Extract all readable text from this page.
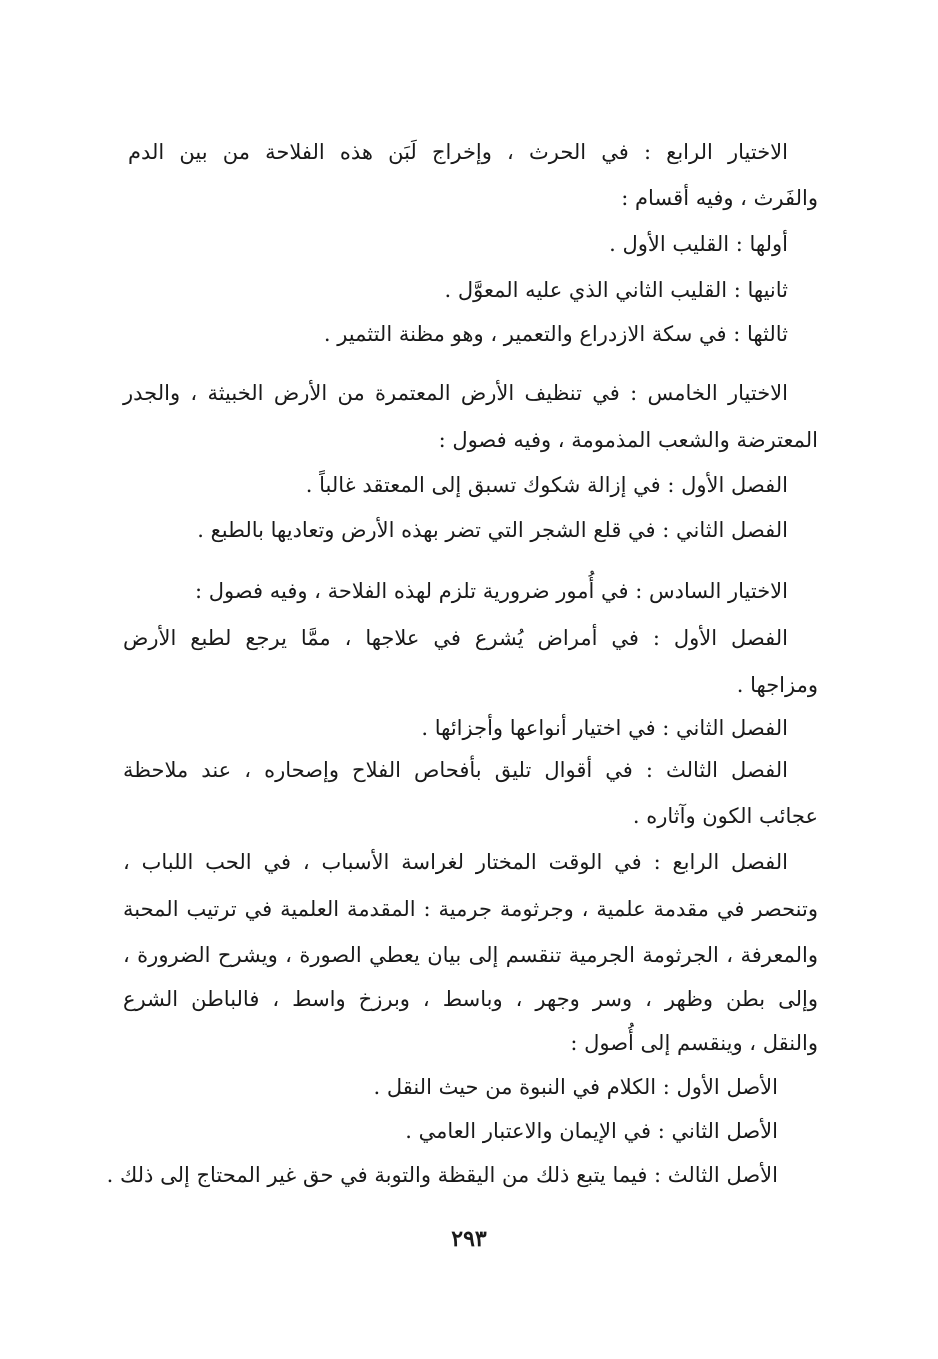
الاختيار الرابع : في الحرث ، وإخراج لَبَن هذه الفلاحة من بين الدم
والفَرث ، وفيه أقسام :
أولها : القليب الأول .
ثانيها : القليب الثاني الذي عليه المعوَّل .
ثالثها : في سكة الازدراع والتعمير ، وهو مظنة التثمير .
الاختيار الخامس : في تنظيف الأرض المعتمرة من الأرض الخبيثة ، والجدر
المعترضة والشعب المذمومة ، وفيه فصول :
الفصل الأول : في إزالة شكوك تسبق إلى المعتقد غالباً .
الفصل الثاني : في قلع الشجر التي تضر بهذه الأرض وتعاديها بالطبع .
الاختيار السادس : في أُمور ضرورية تلزم لهذه الفلاحة ، وفيه فصول :
الفصل الأول : في أمراض يُشرع في علاجها ، ممَّا يرجع لطبع الأرض
ومزاجها .
الفصل الثاني : في اختيار أنواعها وأجزائها .
الفصل الثالث : في أقوال تليق بأفحاص الفلاح وإصحاره ، عند ملاحظة
عجائب الكون وآثاره .
الفصل الرابع : في الوقت المختار لغراسة الأسباب ، في الحب اللباب ،
وتنحصر في مقدمة علمية ، وجرثومة جرمية : المقدمة العلمية في ترتيب المحبة
والمعرفة ، الجرثومة الجرمية تنقسم إلى بيان يعطي الصورة ، ويشرح الضرورة ،
وإلى بطن وظهر ، وسر وجهر ، وباسط ، وبرزخ واسط ، فالباطن الشرع
والنقل ، وينقسم إلى أُصول :
الأصل الأول : الكلام في النبوة من حيث النقل .
الأصل الثاني : في الإيمان والاعتبار العامي .
الأصل الثالث : فيما يتبع ذلك من اليقظة والتوبة في حق غير المحتاج إلى ذلك .
٢٩٣
